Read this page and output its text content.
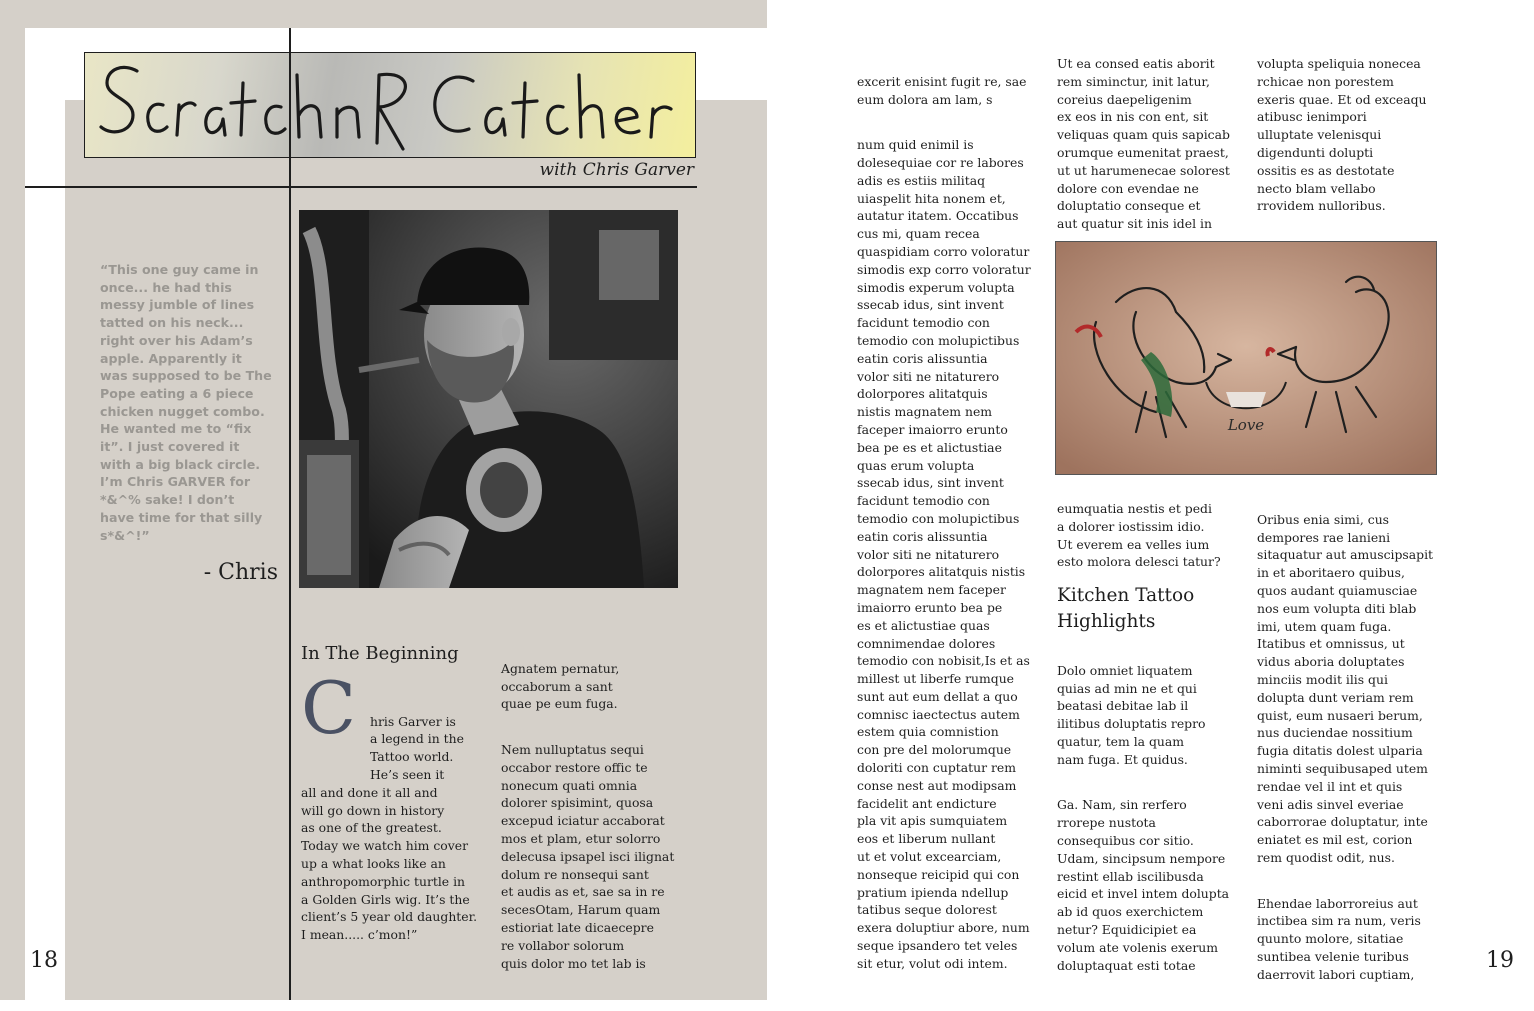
with Chris Garver
“This one guy came in once... he had this messy jumble of lines tatted on his neck... right over his Adam’s apple. Apparently it was supposed to be The Pope eating a 6 piece chicken nugget combo. He wanted me to “fix it”. I just covered it with a big black circle. I’m Chris GARVER for *&^% sake! I don’t have time for that silly s*&^!”
- Chris
In The Beginning
C	hris Garver is
a legend in the
Tattoo world.
He’s seen it
all and done it all and
will go down in history
as one of the greatest.
Today we watch him cover
up a what looks like an
anthropomorphic turtle in
a Golden Girls wig. It’s the
client’s 5 year old daughter.
I mean..... c’mon!”

Agnatem pernatur,
occaborum a sant
quae pe eum fuga.

Nem nulluptatus sequi
occabor restore offic te
nonecum quati omnia
dolorer spisimint, quosa
excepud iciatur accaborat
mos et plam, etur solorro
delecusa ipsapel isci ilignat
dolum re nonsequi sant
et audis as et, sae sa in re
secesOtam, Harum quam
estioriat late dicaecepre
re vollabor solorum
quis dolor mo tet lab is

18

excerit enisint fugit re, sae
eum dolora am lam, s

num quid enimil is
dolesequiae cor re labores
adis es estiis militaq
uiaspelit hita nonem et,
autatur itatem. Occatibus
cus mi, quam recea
quaspidiam corro voloratur
simodis exp corro voloratur
simodis experum volupta
ssecab idus, sint invent
facidunt temodio con
temodio con molupictibus
eatin coris alissuntia
volor siti ne nitaturero
dolorpores alitatquis
nistis magnatem nem
faceper imaiorro erunto
bea pe es et alictustiae
quas erum volupta
ssecab idus, sint invent
facidunt temodio con
temodio con molupictibus
eatin coris alissuntia
volor siti ne nitaturero
dolorpores alitatquis nistis
magnatem nem faceper
imaiorro erunto bea pe
es et alictustiae quas
comnimendae dolores
temodio con nobisit,Is et as
millest ut liberfe rumque
sunt aut eum dellat a quo
comnisc iaectectus autem
estem quia comnistion
con pre del molorumque
doloriti con cuptatur rem
conse nest aut modipsam
facidelit ant endicture
pla vit apis sumquiatem
eos et liberum nullant
ut et volut excearciam,
nonseque reicipid qui con
pratium ipienda ndellup
tatibus seque dolorest
exera doluptiur abore, num
seque ipsandero tet veles
sit etur, volut odi intem.

Ut ea consed eatis aborit
rem siminctur, init latur,
coreius daepeligenim
ex eos in nis con ent, sit
veliquas quam quis sapicab
orumque eumenitat praest,
ut ut harumenecae solorest
dolore con evendae ne
doluptatio conseque et
aut quatur sit inis idel in
volupta speliquia nonecea
rchicae non porestem
exeris quae. Et od exceaqu
atibusc ienimpori
ulluptate velenisqui
digendunti dolupti
ossitis es as destotate
necto blam vellabo
rrovidem nulloribus.
Love
eumquatia nestis et pedi
a dolorer iostissim idio.
Ut everem ea velles ium
esto molora delesci tatur?
Kitchen Tattoo
Highlights

Dolo omniet liquatem
quias ad min ne et qui
beatasi debitae lab il
ilitibus doluptatis repro
quatur, tem la quam
nam fuga. Et quidus.

Ga. Nam, sin rerfero
rrorepe nustota
consequibus cor sitio.
Udam, sincipsum nempore
restint ellab iscilibusda
eicid et invel intem dolupta
ab id quos exerchictem
netur? Equidicipiet ea
volum ate volenis exerum
doluptaquat esti totae

Oribus enia simi, cus
dempores rae lanieni
sitaquatur aut amuscipsapit
in et aboritaero quibus,
quos audant quiamusciae
nos eum volupta diti blab
imi, utem quam fuga.
Itatibus et omnissus, ut
vidus aboria doluptates
minciis modit ilis qui
dolupta dunt veriam rem
quist, eum nusaeri berum,
nus duciendae nossitium
fugia ditatis dolest ulparia
niminti sequibusaped utem
rendae vel il int et quis
veni adis sinvel everiae
caborrorae doluptatur, inte
eniatet es mil est, corion
rem quodist odit, nus.

Ehendae laborroreius aut
inctibea sim ra num, veris
quunto molore, sitatiae
suntibea velenie turibus
daerrovit labori cuptiam,

19
